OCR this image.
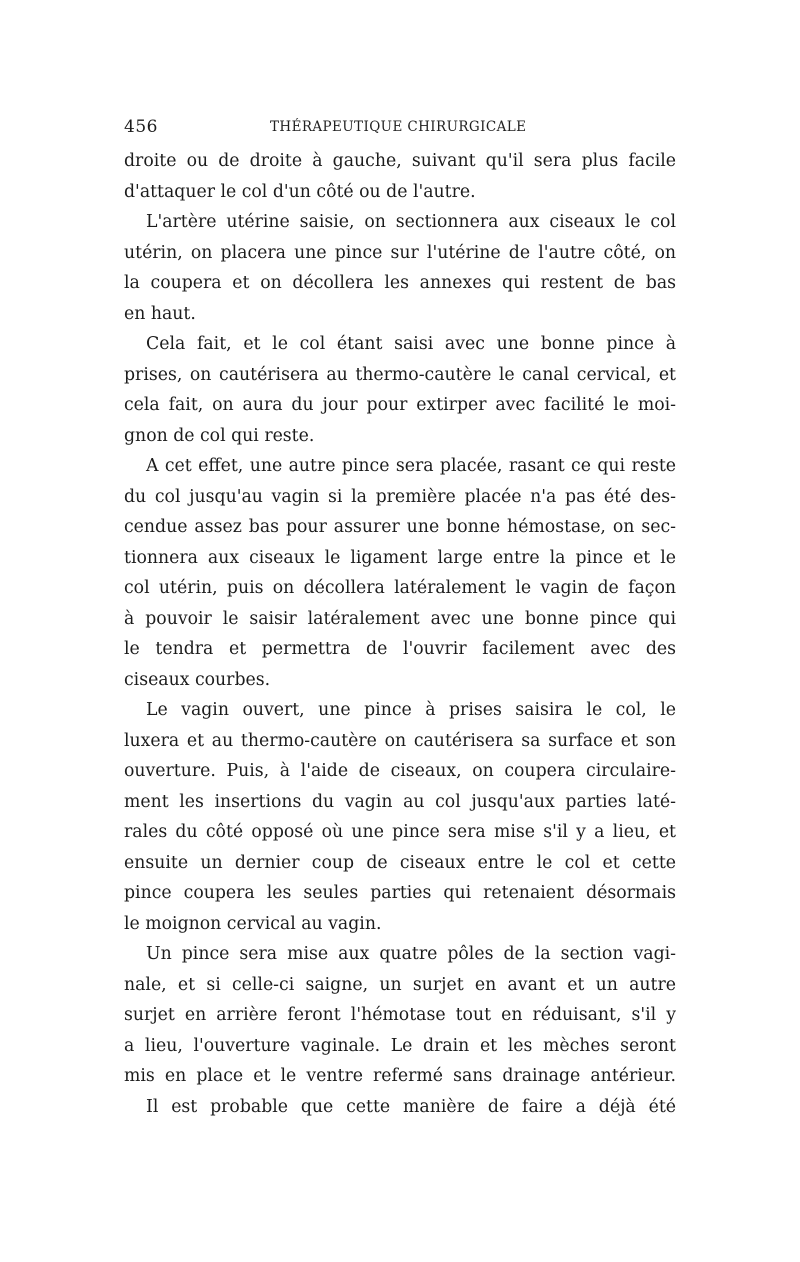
456	THÉRAPEUTIQUE CHIRURGICALE
droite ou de droite à gauche, suivant qu'il sera plus facile
d'attaquer le col d'un côté ou de l'autre.
L'artère utérine saisie, on sectionnera aux ciseaux le col
utérin, on placera une pince sur l'utérine de l'autre côté, on
la coupera et on décollera les annexes qui restent de bas
en haut.
Cela fait, et le col étant saisi avec une bonne pince à
prises, on cautérisera au thermo-cautère le canal cervical, et
cela fait, on aura du jour pour extirper avec facilité le moi-
gnon de col qui reste.
A cet effet, une autre pince sera placée, rasant ce qui reste
du col jusqu'au vagin si la première placée n'a pas été des-
cendue assez bas pour assurer une bonne hémostase, on sec-
tionnera aux ciseaux le ligament large entre la pince et le
col utérin, puis on décollera latéralement le vagin de façon
à pouvoir le saisir latéralement avec une bonne pince qui
le tendra et permettra de l'ouvrir facilement avec des
ciseaux courbes.
Le vagin ouvert, une pince à prises saisira le col, le
luxera et au thermo-cautère on cautérisera sa surface et son
ouverture. Puis, à l'aide de ciseaux, on coupera circulaire-
ment les insertions du vagin au col jusqu'aux parties laté-
rales du côté opposé où une pince sera mise s'il y a lieu, et
ensuite un dernier coup de ciseaux entre le col et cette
pince coupera les seules parties qui retenaient désormais
le moignon cervical au vagin.
Un pince sera mise aux quatre pôles de la section vagi-
nale, et si celle-ci saigne, un surjet en avant et un autre
surjet en arrière feront l'hémotase tout en réduisant, s'il y
a lieu, l'ouverture vaginale. Le drain et les mèches seront
mis en place et le ventre refermé sans drainage antérieur.
Il est probable que cette manière de faire a déjà été
